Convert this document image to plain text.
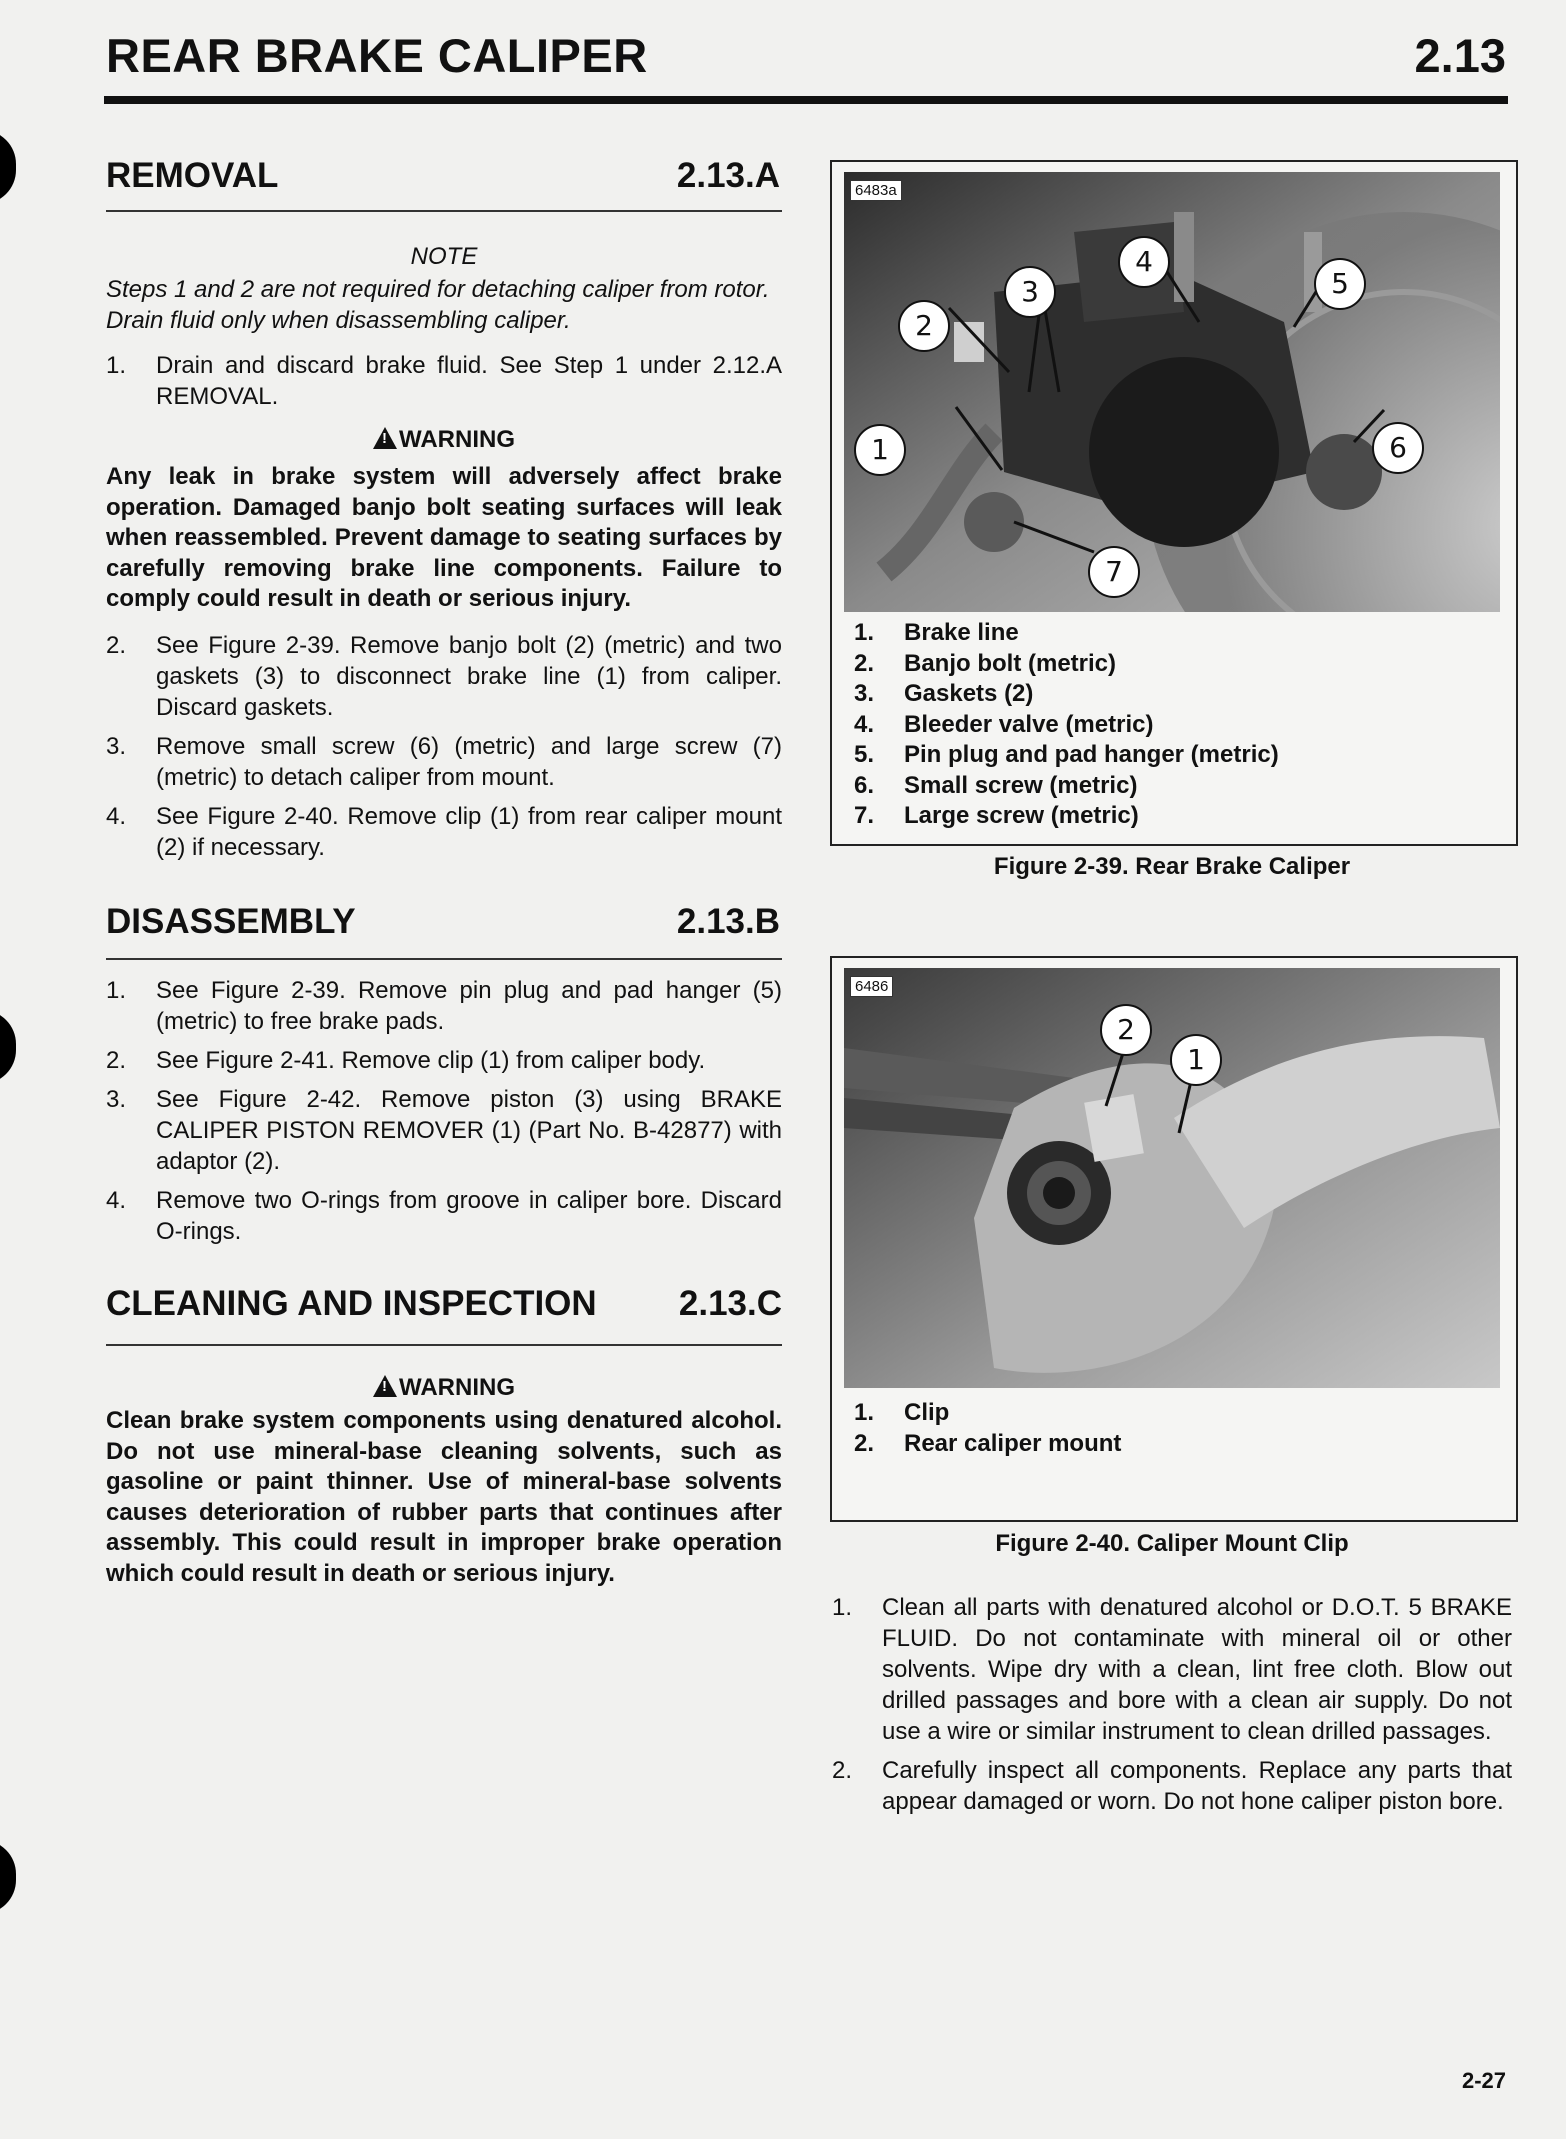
REAR BRAKE CALIPER	2.13
REMOVAL	2.13.A
NOTE
Steps 1 and 2 are not required for detaching caliper from rotor. Drain fluid only when disassembling caliper.
1. Drain and discard brake fluid. See Step 1 under 2.12.A REMOVAL.
!WARNING
Any leak in brake system will adversely affect brake operation. Damaged banjo bolt seating surfaces will leak when reassembled. Prevent damage to seating surfaces by carefully removing brake line components. Failure to comply could result in death or serious injury.
2. See Figure 2-39. Remove banjo bolt (2) (metric) and two gaskets (3) to disconnect brake line (1) from caliper. Discard gaskets.
3. Remove small screw (6) (metric) and large screw (7) (metric) to detach caliper from mount.
4. See Figure 2-40. Remove clip (1) from rear caliper mount (2) if necessary.
DISASSEMBLY	2.13.B
1. See Figure 2-39. Remove pin plug and pad hanger (5) (metric) to free brake pads.
2. See Figure 2-41. Remove clip (1) from caliper body.
3. See Figure 2-42. Remove piston (3) using BRAKE CALIPER PISTON REMOVER (1) (Part No. B-42877) with adaptor (2).
4. Remove two O-rings from groove in caliper bore. Discard O-rings.
CLEANING AND INSPECTION	2.13.C
!WARNING
Clean brake system components using denatured alcohol. Do not use mineral-base cleaning solvents, such as gasoline or paint thinner. Use of mineral-base solvents causes deterioration of rubber parts that continues after assembly. This could result in improper brake operation which could result in death or serious injury.
6483a
1
2
3
4
5
6
7
1.	Brake line
2.	Banjo bolt (metric)
3.	Gaskets (2)
4.	Bleeder valve (metric)
5.	Pin plug and pad hanger (metric)
6.	Small screw (metric)
7.	Large screw (metric)
Figure 2-39. Rear Brake Caliper
6486
2
1
1.	Clip
2.	Rear caliper mount
Figure 2-40. Caliper Mount Clip
1. Clean all parts with denatured alcohol or D.O.T. 5 BRAKE FLUID. Do not contaminate with mineral oil or other solvents. Wipe dry with a clean, lint free cloth. Blow out drilled passages and bore with a clean air supply. Do not use a wire or similar instrument to clean drilled passages.
2. Carefully inspect all components. Replace any parts that appear damaged or worn. Do not hone caliper piston bore.
2-27
